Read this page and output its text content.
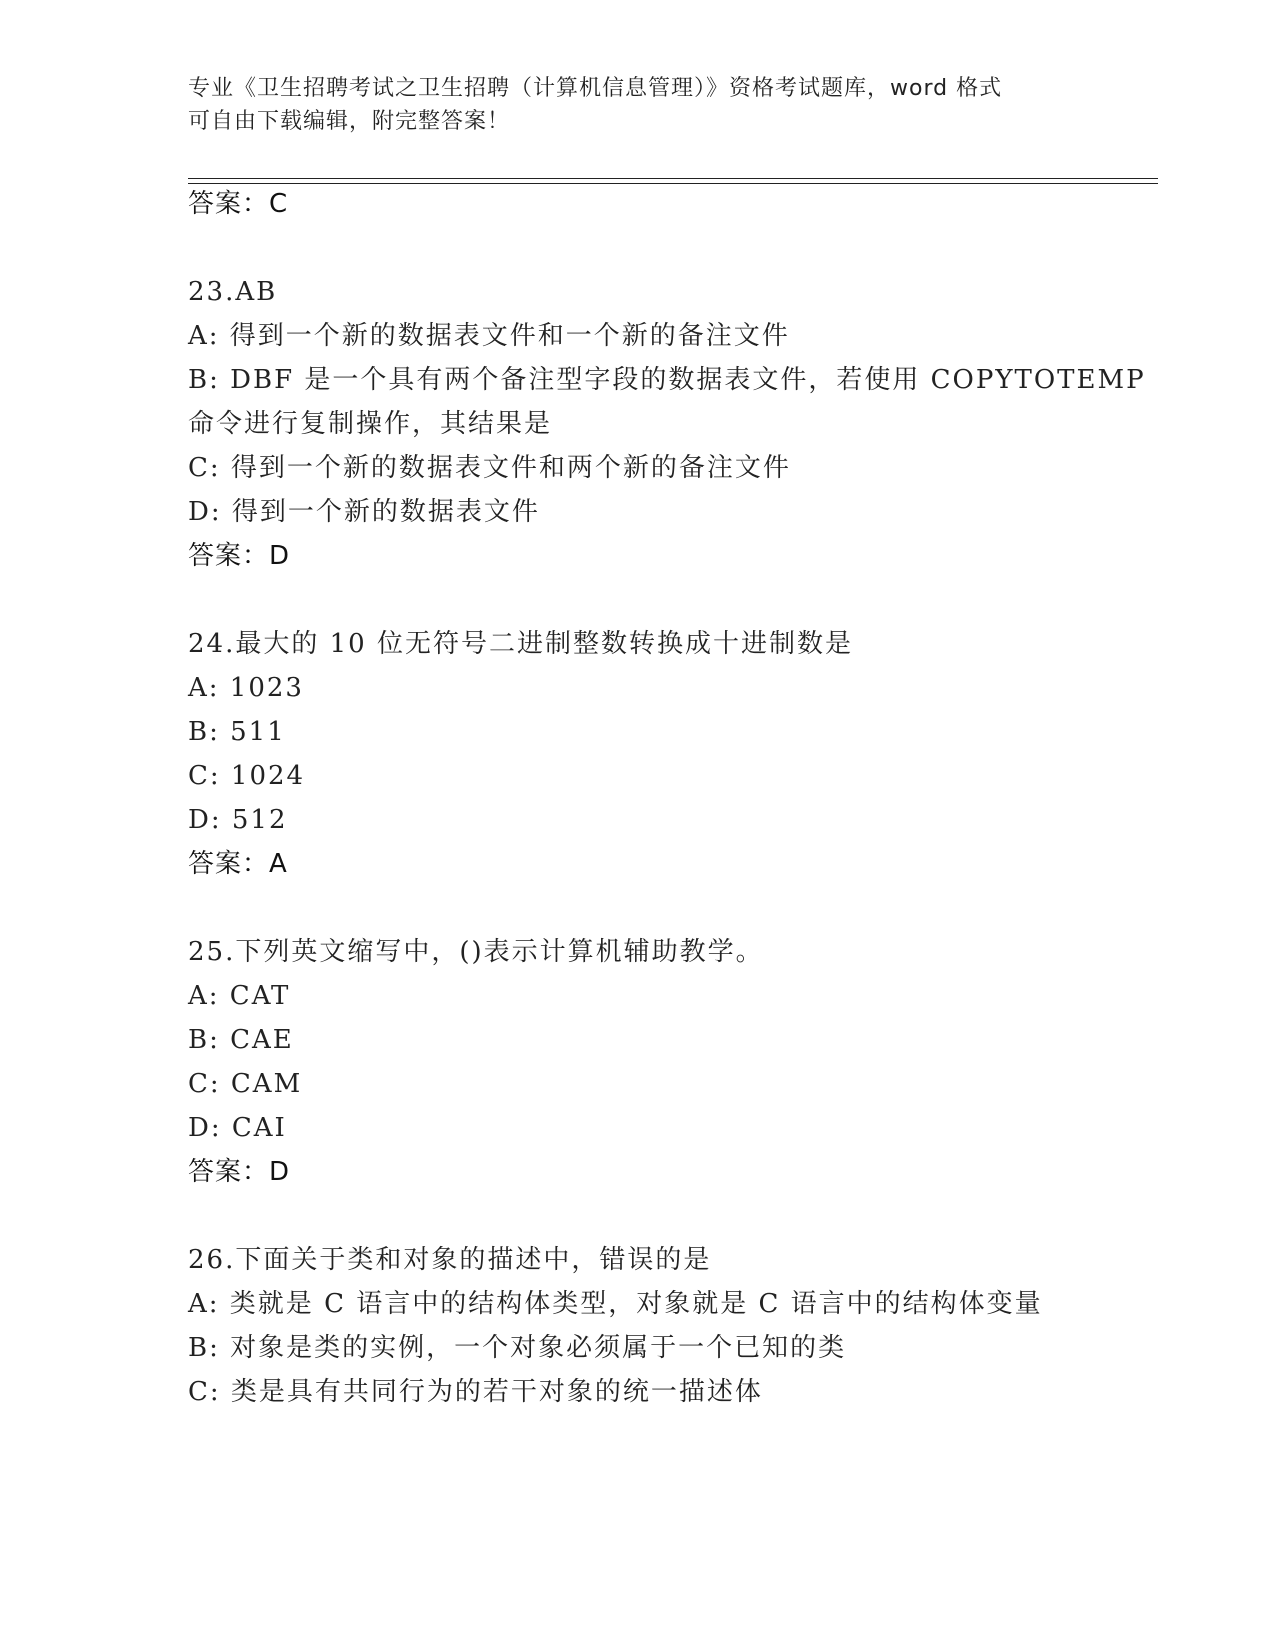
专业《卫生招聘考试之卫生招聘（计算机信息管理）》资格考试题库，word 格式
可自由下载编辑，附完整答案！
答案：C
23.AB
A: 得到一个新的数据表文件和一个新的备注文件
B: DBF 是一个具有两个备注型字段的数据表文件，若使用 COPYTOTEMP
命令进行复制操作，其结果是
C: 得到一个新的数据表文件和两个新的备注文件
D: 得到一个新的数据表文件
答案：D
24.最大的 10 位无符号二进制整数转换成十进制数是
A: 1023
B: 511
C: 1024
D: 512
答案：A
25.下列英文缩写中，()表示计算机辅助教学。
A: CAT
B: CAE
C: CAM
D: CAI
答案：D
26.下面关于类和对象的描述中，错误的是
A: 类就是 C 语言中的结构体类型，对象就是 C 语言中的结构体变量
B: 对象是类的实例，一个对象必须属于一个已知的类
C: 类是具有共同行为的若干对象的统一描述体
